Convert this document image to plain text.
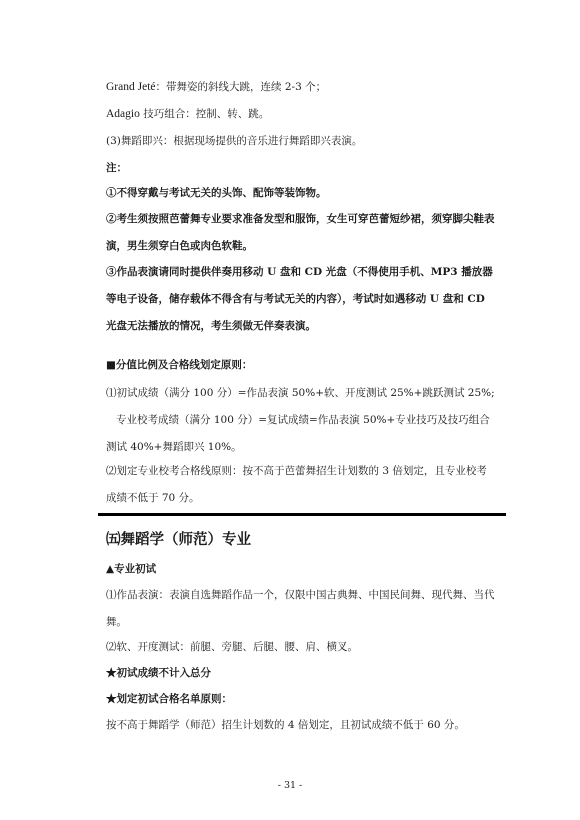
Grand Jeté：带舞姿的斜线大跳，连续 2-3 个；

Adagio 技巧组合：控制、转、跳。

(3)舞蹈即兴：根据现场提供的音乐进行舞蹈即兴表演。

注：

①不得穿戴与考试无关的头饰、配饰等装饰物。

②考生须按照芭蕾舞专业要求准备发型和服饰，女生可穿芭蕾短纱裙，须穿脚尖鞋表演，男生须穿白色或肉色软鞋。

③作品表演请同时提供伴奏用移动 U 盘和 CD 光盘（不得使用手机、MP3 播放器等电子设备，储存载体不得含有与考试无关的内容），考试时如遇移动 U 盘和 CD 光盘无法播放的情况，考生须做无伴奏表演。

■分值比例及合格线划定原则：

⑴初试成绩（满分 100 分）=作品表演 50%+软、开度测试 25%+跳跃测试 25%;

专业校考成绩（满分 100 分）=复试成绩=作品表演 50%+专业技巧及技巧组合测试 40%+舞蹈即兴 10%。

⑵划定专业校考合格线原则：按不高于芭蕾舞招生计划数的 3 倍划定，且专业校考成绩不低于 70 分。

㈤舞蹈学（师范）专业

▲专业初试

⑴作品表演：表演自选舞蹈作品一个，仅限中国古典舞、中国民间舞、现代舞、当代舞。

⑵软、开度测试：前腿、旁腿、后腿、腰、肩、横叉。

★初试成绩不计入总分

★划定初试合格名单原则：

按不高于舞蹈学（师范）招生计划数的 4 倍划定，且初试成绩不低于 60 分。

- 31 -
